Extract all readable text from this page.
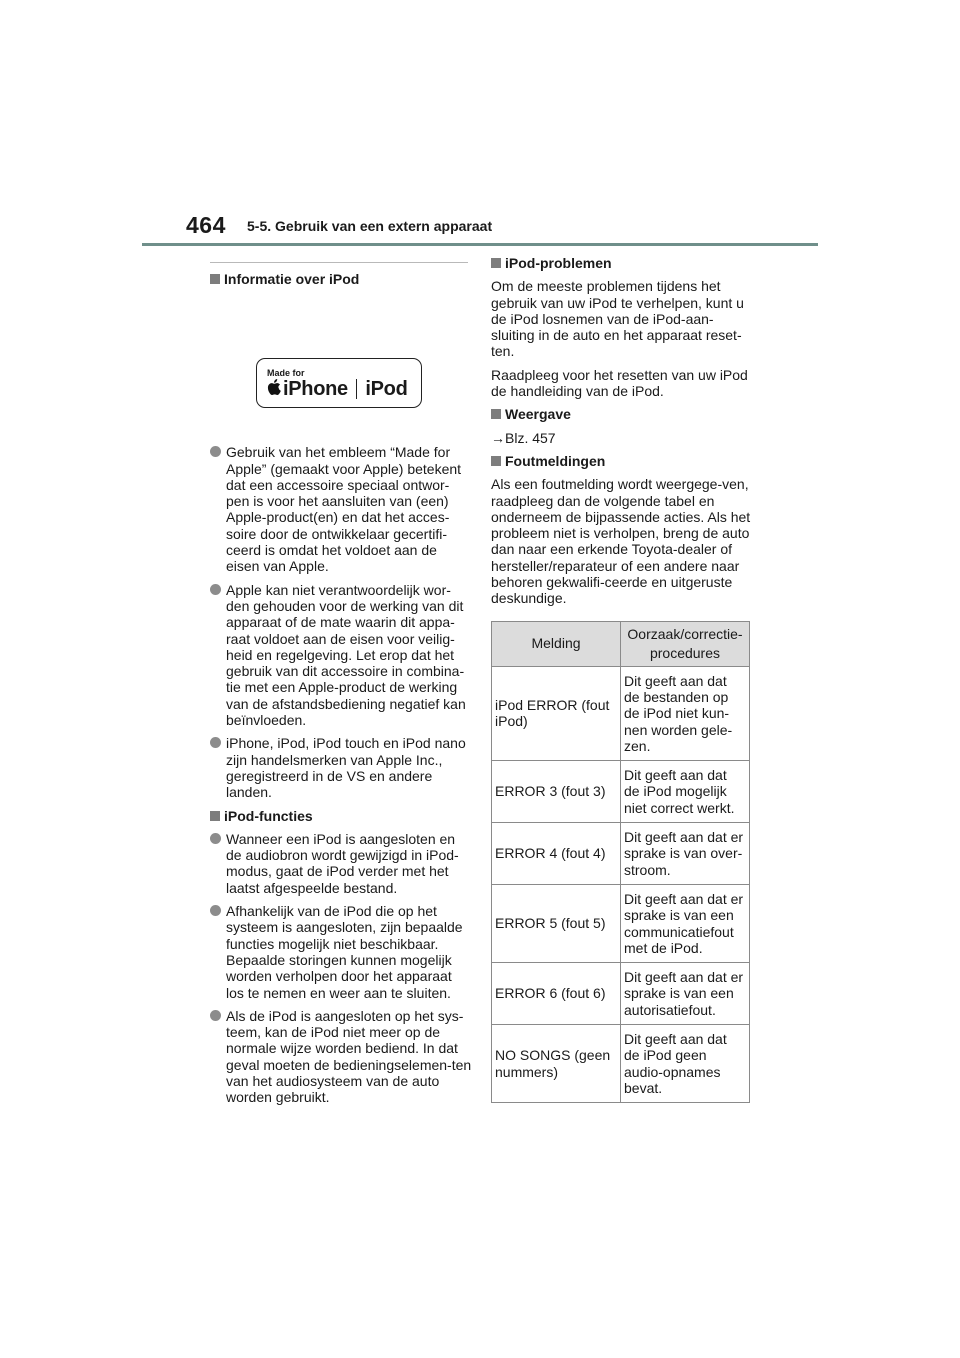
464 5-5. Gebruik van een extern apparaat
Informatie over iPod
Made for
iPhone iPod
Gebruik van het embleem “Made for Apple” (gemaakt voor Apple) betekent dat een accessoire speciaal ontwor-pen is voor het aansluiten van (een) Apple-product(en) en dat het acces-soire door de ontwikkelaar gecertifi-ceerd is omdat het voldoet aan de eisen van Apple.
Apple kan niet verantwoordelijk wor-den gehouden voor de werking van dit apparaat of de mate waarin dit appa-raat voldoet aan de eisen voor veilig-heid en regelgeving. Let erop dat het gebruik van dit accessoire in combina-tie met een Apple-product de werking van de afstandsbediening negatief kan beïnvloeden.
iPhone, iPod, iPod touch en iPod nano zijn handelsmerken van Apple Inc., geregistreerd in de VS en andere landen.
iPod-functies
Wanneer een iPod is aangesloten en de audiobron wordt gewijzigd in iPod-modus, gaat de iPod verder met het laatst afgespeelde bestand.
Afhankelijk van de iPod die op het systeem is aangesloten, zijn bepaalde functies mogelijk niet beschikbaar. Bepaalde storingen kunnen mogelijk worden verholpen door het apparaat los te nemen en weer aan te sluiten.
Als de iPod is aangesloten op het sys-teem, kan de iPod niet meer op de normale wijze worden bediend. In dat geval moeten de bedieningselemen-ten van het audiosysteem van de auto worden gebruikt.
iPod-problemen
Om de meeste problemen tijdens het gebruik van uw iPod te verhelpen, kunt u de iPod losnemen van de iPod-aan-sluiting in de auto en het apparaat reset-ten.
Raadpleeg voor het resetten van uw iPod de handleiding van de iPod.
Weergave
→Blz. 457
Foutmeldingen
Als een foutmelding wordt weergege-ven, raadpleeg dan de volgende tabel en onderneem de bijpassende acties. Als het probleem niet is verholpen, breng de auto dan naar een erkende Toyota-dealer of hersteller/reparateur of een andere naar behoren gekwalifi-ceerde en uitgeruste deskundige.
Melding	Oorzaak/correctie-procedures
iPod ERROR (fout iPod)	Dit geeft aan dat de bestanden op de iPod niet kun-nen worden gele-zen.
ERROR 3 (fout 3)	Dit geeft aan dat de iPod mogelijk niet correct werkt.
ERROR 4 (fout 4)	Dit geeft aan dat er sprake is van over-stroom.
ERROR 5 (fout 5)	Dit geeft aan dat er sprake is van een communicatiefout met de iPod.
ERROR 6 (fout 6)	Dit geeft aan dat er sprake is van een autorisatiefout.
NO SONGS (geen nummers)	Dit geeft aan dat de iPod geen audio-opnames bevat.
